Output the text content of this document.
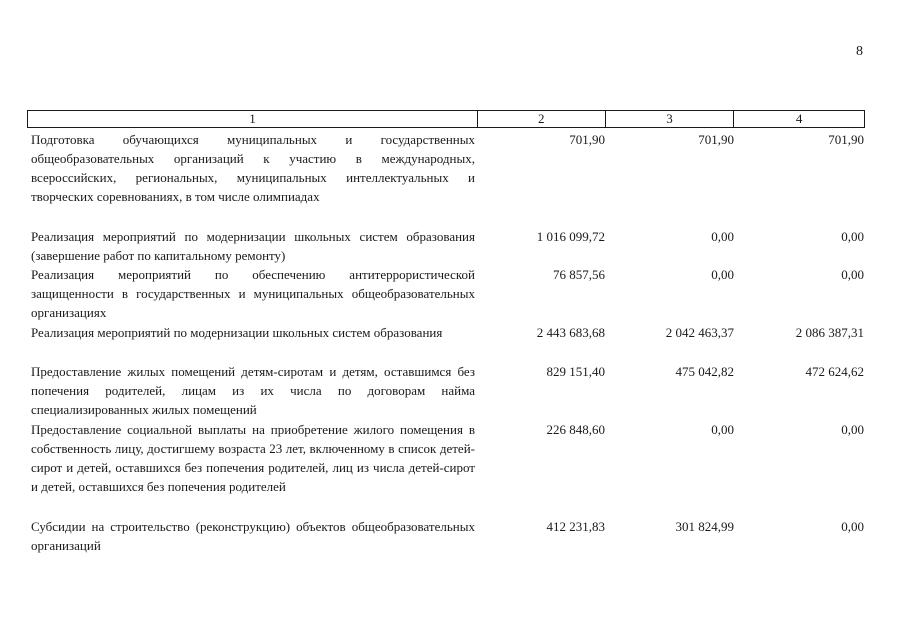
8
1	2	3	4
Подготовка обучающихся муниципальных и государственных общеобразовательных организаций к участию в международных, всероссийских, региональных, муниципальных интеллектуальных и творческих соревнованиях, в том числе олимпиадах
701,90	701,90	701,90
Реализация мероприятий по модернизации школьных систем образования (завершение работ по капитальному ремонту)
1 016 099,72	0,00	0,00
Реализация мероприятий по обеспечению антитеррористической защищенности в государственных и муниципальных общеобразовательных организациях
76 857,56	0,00	0,00
Реализация мероприятий по модернизации школьных систем образования	2 443 683,68	2 042 463,37	2 086 387,31
Предоставление жилых помещений детям-сиротам и детям, оставшимся без попечения родителей, лицам из их числа по договорам найма специализированных жилых помещений
829 151,40	475 042,82	472 624,62
Предоставление социальной выплаты на приобретение жилого помещения в собственность лицу, достигшему возраста 23 лет, включенному в список детей-сирот и детей, оставшихся без попечения родителей, лиц из числа детей-сирот и детей, оставшихся без попечения родителей
226 848,60	0,00	0,00
Субсидии на строительство (реконструкцию) объектов общеобразовательных организаций
412 231,83	301 824,99	0,00
